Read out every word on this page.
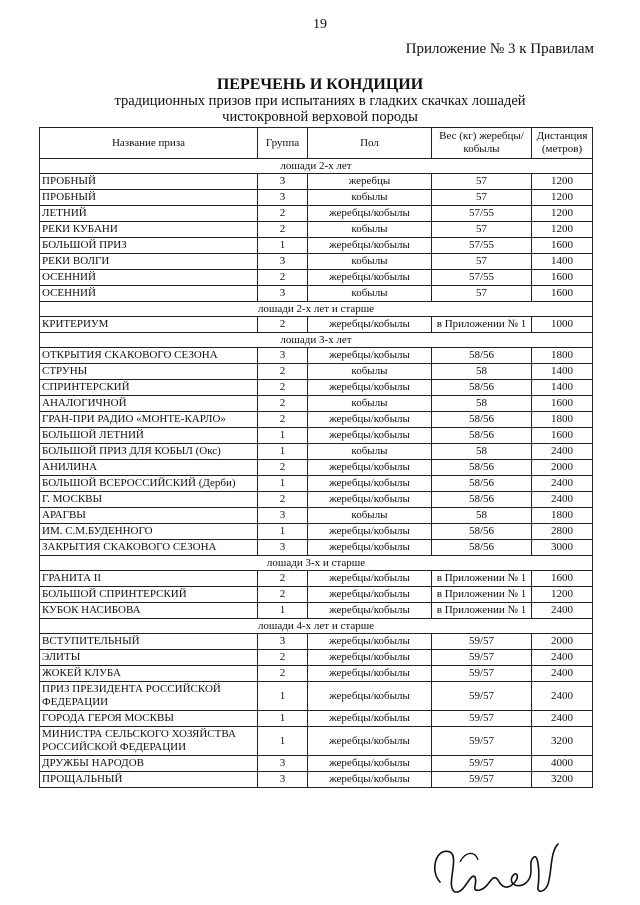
19
Приложение № 3 к Правилам
ПЕРЕЧЕНЬ И КОНДИЦИИ
традиционных призов при испытаниях в гладких скачках лошадей
чистокровной верховой породы
Название приза	Группа	Пол	Вес (кг) жеребцы/кобылы	Дистанция (метров)
лошади 2-х лет				
ПРОБНЫЙ	3	жеребцы	57	1200
ПРОБНЫЙ	3	кобылы	57	1200
ЛЕТНИЙ	2	жеребцы/кобылы	57/55	1200
РЕКИ КУБАНИ	2	кобылы	57	1200
БОЛЬШОЙ ПРИЗ	1	жеребцы/кобылы	57/55	1600
РЕКИ ВОЛГИ	3	кобылы	57	1400
ОСЕННИЙ	2	жеребцы/кобылы	57/55	1600
ОСЕННИЙ	3	кобылы	57	1600
лошади 2-х лет и старше				
КРИТЕРИУМ	2	жеребцы/кобылы	в Приложении № 1	1000
лошади 3-х лет				
ОТКРЫТИЯ СКАКОВОГО СЕЗОНА	3	жеребцы/кобылы	58/56	1800
СТРУНЫ	2	кобылы	58	1400
СПРИНТЕРСКИЙ	2	жеребцы/кобылы	58/56	1400
АНАЛОГИЧНОЙ	2	кобылы	58	1600
ГРАН-ПРИ РАДИО «МОНТЕ-КАРЛО»	2	жеребцы/кобылы	58/56	1800
БОЛЬШОЙ ЛЕТНИЙ	1	жеребцы/кобылы	58/56	1600
БОЛЬШОЙ ПРИЗ ДЛЯ КОБЫЛ (Окс)	1	кобылы	58	2400
АНИЛИНА	2	жеребцы/кобылы	58/56	2000
БОЛЬШОЙ ВСЕРОССИЙСКИЙ (Дерби)	1	жеребцы/кобылы	58/56	2400
Г. МОСКВЫ	2	жеребцы/кобылы	58/56	2400
АРАГВЫ	3	кобылы	58	1800
ИМ. С.М.БУДЕННОГО	1	жеребцы/кобылы	58/56	2800
ЗАКРЫТИЯ СКАКОВОГО СЕЗОНА	3	жеребцы/кобылы	58/56	3000
лошади 3-х и старше				
ГРАНИТА II	2	жеребцы/кобылы	в Приложении № 1	1600
БОЛЬШОЙ СПРИНТЕРСКИЙ	2	жеребцы/кобылы	в Приложении № 1	1200
КУБОК НАСИБОВА	1	жеребцы/кобылы	в Приложении № 1	2400
лошади 4-х лет и старше				
ВСТУПИТЕЛЬНЫЙ	3	жеребцы/кобылы	59/57	2000
ЭЛИТЫ	2	жеребцы/кобылы	59/57	2400
ЖОКЕЙ КЛУБА	2	жеребцы/кобылы	59/57	2400
ПРИЗ ПРЕЗИДЕНТА РОССИЙСКОЙ ФЕДЕРАЦИИ	1	жеребцы/кобылы	59/57	2400
ГОРОДА ГЕРОЯ МОСКВЫ	1	жеребцы/кобылы	59/57	2400
МИНИСТРА СЕЛЬСКОГО ХОЗЯЙСТВА РОССИЙСКОЙ ФЕДЕРАЦИИ	1	жеребцы/кобылы	59/57	3200
ДРУЖБЫ НАРОДОВ	3	жеребцы/кобылы	59/57	4000
ПРОЩАЛЬНЫЙ	3	жеребцы/кобылы	59/57	3200
